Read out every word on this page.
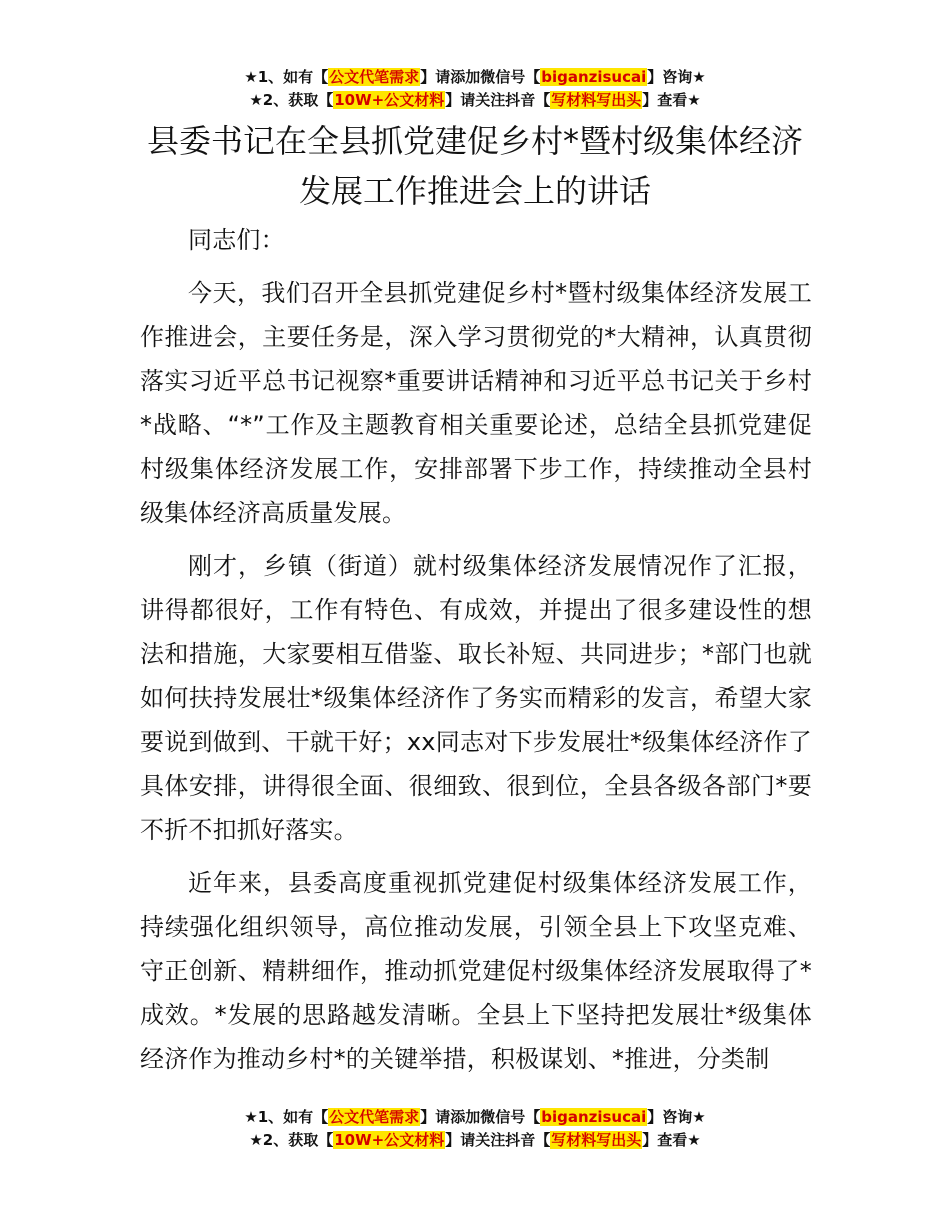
★1、如有【公文代笔需求】请添加微信号【biganzisucai】咨询★
★2、获取【10W+公文材料】请关注抖音【写材料写出头】查看★
县委书记在全县抓党建促乡村*暨村级集体经济
发展工作推进会上的讲话

同志们：

今天，我们召开全县抓党建促乡村*暨村级集体经济发展工作推进会，主要任务是，深入学习贯彻党的*大精神，认真贯彻落实习近平总书记视察*重要讲话精神和习近平总书记关于乡村*战略、“*”工作及主题教育相关重要论述，总结全县抓党建促村级集体经济发展工作，安排部署下步工作，持续推动全县村级集体经济高质量发展。

刚才，乡镇（街道）就村级集体经济发展情况作了汇报，讲得都很好，工作有特色、有成效，并提出了很多建设性的想法和措施，大家要相互借鉴、取长补短、共同进步；*部门也就如何扶持发展壮*级集体经济作了务实而精彩的发言，希望大家要说到做到、干就干好；xx同志对下步发展壮*级集体经济作了具体安排，讲得很全面、很细致、很到位，全县各级各部门*要不折不扣抓好落实。

近年来，县委高度重视抓党建促村级集体经济发展工作，持续强化组织领导，高位推动发展，引领全县上下攻坚克难、守正创新、精耕细作，推动抓党建促村级集体经济发展取得了*成效。*发展的思路越发清晰。全县上下坚持把发展壮*级集体经济作为推动乡村*的关键举措，积极谋划、*推进，分类制

★1、如有【公文代笔需求】请添加微信号【biganzisucai】咨询★
★2、获取【10W+公文材料】请关注抖音【写材料写出头】查看★
